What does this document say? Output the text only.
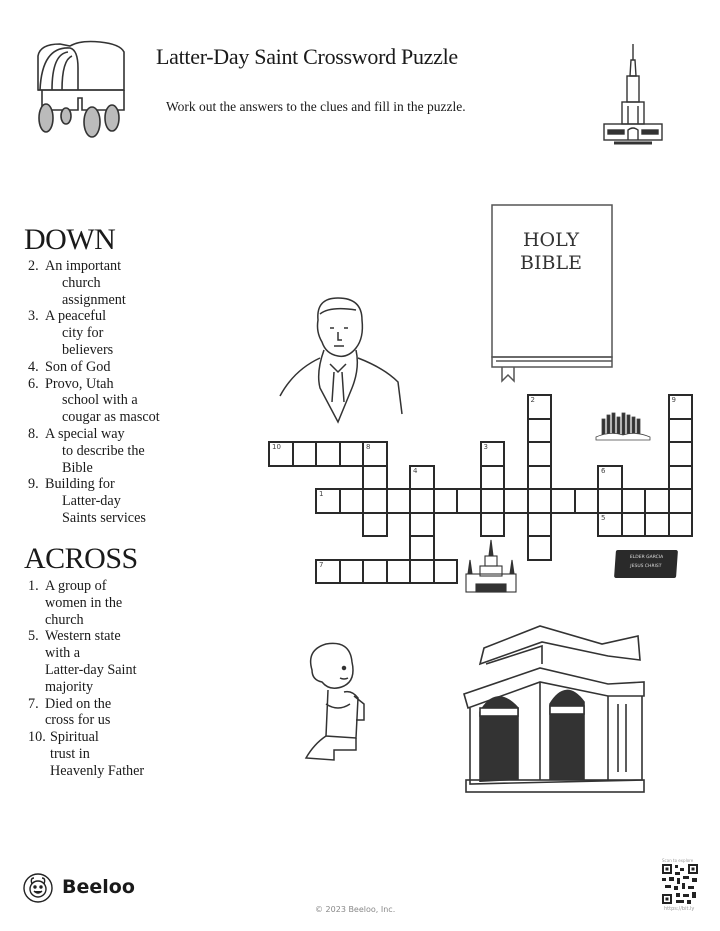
Latter-Day Saint Crossword Puzzle
Work out the answers to the clues and fill in the puzzle.
DOWN
2. An important
church
assignment
3. A peaceful
city for
believers
4. Son of God
6. Provo, Utah
school with a
cougar as mascot
8. A special way
to describe the
Bible
9. Building for
Latter-day
Saints services
ACROSS
1. A group of
women in the
church
5. Western state
with a
Latter-day Saint
majority
7. Died on the
cross for us
10. Spiritual
trust in
Heavenly Father
HOLY
BIBLE
ELDER GARCIA
JESUS CHRIST
10	8
4
3
2
6
5
9
1
7
Beeloo
© 2023 Beeloo, Inc.
Scan to explore
https://bit.ly
